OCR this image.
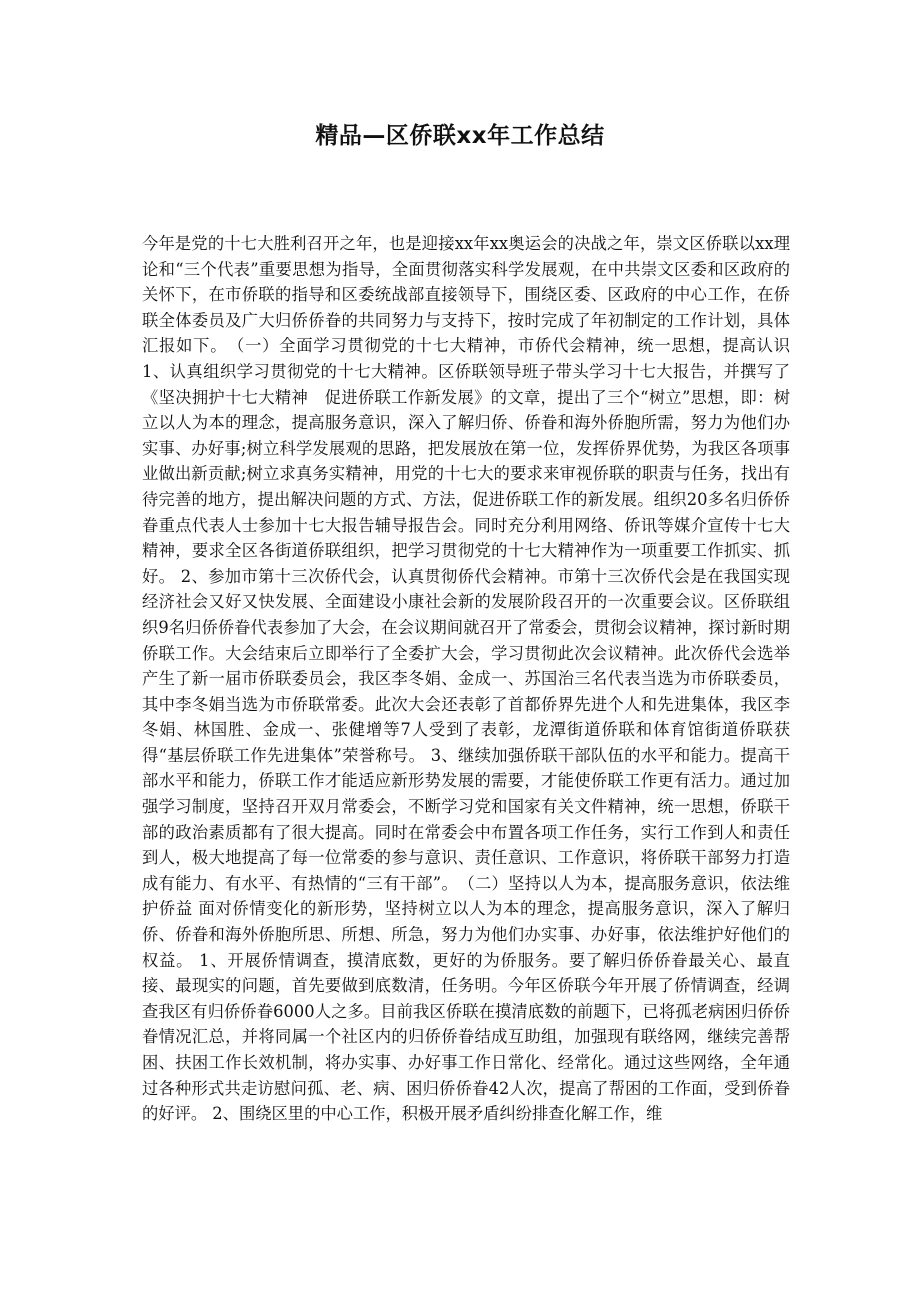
精品—区侨联xx年工作总结

今年是党的十七大胜利召开之年，也是迎接xx年xx奥运会的决战之年，崇文区侨联以xx理论和“三个代表”重要思想为指导，全面贯彻落实科学发展观，在中共崇文区委和区政府的关怀下，在市侨联的指导和区委统战部直接领导下，围绕区委、区政府的中心工作，在侨联全体委员及广大归侨侨眷的共同努力与支持下，按时完成了年初制定的工作计划，具体汇报如下。　（一）全面学习贯彻党的十七大精神，市侨代会精神，统一思想，提高认识 1、认真组织学习贯彻党的十七大精神。区侨联领导班子带头学习十七大报告，并撰写了《坚决拥护十七大精神　促进侨联工作新发展》的文章，提出了三个“树立”思想，即：树立以人为本的理念，提高服务意识，深入了解归侨、侨眷和海外侨胞所需，努力为他们办实事、办好事;树立科学发展观的思路，把发展放在第一位，发挥侨界优势，为我区各项事业做出新贡献;树立求真务实精神，用党的十七大的要求来审视侨联的职责与任务，找出有待完善的地方，提出解决问题的方式、方法，促进侨联工作的新发展。组织20多名归侨侨眷重点代表人士参加十七大报告辅导报告会。同时充分利用网络、侨讯等媒介宣传十七大精神，要求全区各街道侨联组织，把学习贯彻党的十七大精神作为一项重要工作抓实、抓好。 2、参加市第十三次侨代会，认真贯彻侨代会精神。市第十三次侨代会是在我国实现经济社会又好又快发展、全面建设小康社会新的发展阶段召开的一次重要会议。区侨联组织9名归侨侨眷代表参加了大会，在会议期间就召开了常委会，贯彻会议精神，探讨新时期侨联工作。大会结束后立即举行了全委扩大会，学习贯彻此次会议精神。此次侨代会选举产生了新一届市侨联委员会，我区李冬娟、金成一、苏国治三名代表当选为市侨联委员，其中李冬娟当选为市侨联常委。此次大会还表彰了首都侨界先进个人和先进集体，我区李冬娟、林国胜、金成一、张健增等7人受到了表彰，龙潭街道侨联和体育馆街道侨联获得“基层侨联工作先进集体”荣誉称号。 3、继续加强侨联干部队伍的水平和能力。提高干部水平和能力，侨联工作才能适应新形势发展的需要，才能使侨联工作更有活力。通过加强学习制度，坚持召开双月常委会，不断学习党和国家有关文件精神，统一思想，侨联干部的政治素质都有了很大提高。同时在常委会中布置各项工作任务，实行工作到人和责任到人，极大地提高了每一位常委的参与意识、责任意识、工作意识，将侨联干部努力打造成有能力、有水平、有热情的“三有干部”。　（二）坚持以人为本，提高服务意识，依法维护侨益 面对侨情变化的新形势，坚持树立以人为本的理念，提高服务意识，深入了解归侨、侨眷和海外侨胞所思、所想、所急，努力为他们办实事、办好事，依法维护好他们的权益。 1、开展侨情调查，摸清底数，更好的为侨服务。要了解归侨侨眷最关心、最直接、最现实的问题，首先要做到底数清，任务明。今年区侨联今年开展了侨情调查，经调查我区有归侨侨眷6000人之多。目前我区侨联在摸清底数的前题下，已将孤老病困归侨侨眷情况汇总，并将同属一个社区内的归侨侨眷结成互助组，加强现有联络网，继续完善帮困、扶困工作长效机制，将办实事、办好事工作日常化、经常化。通过这些网络，全年通过各种形式共走访慰问孤、老、病、困归侨侨眷42人次，提高了帮困的工作面，受到侨眷的好评。 2、围绕区里的中心工作，积极开展矛盾纠纷排查化解工作，维
